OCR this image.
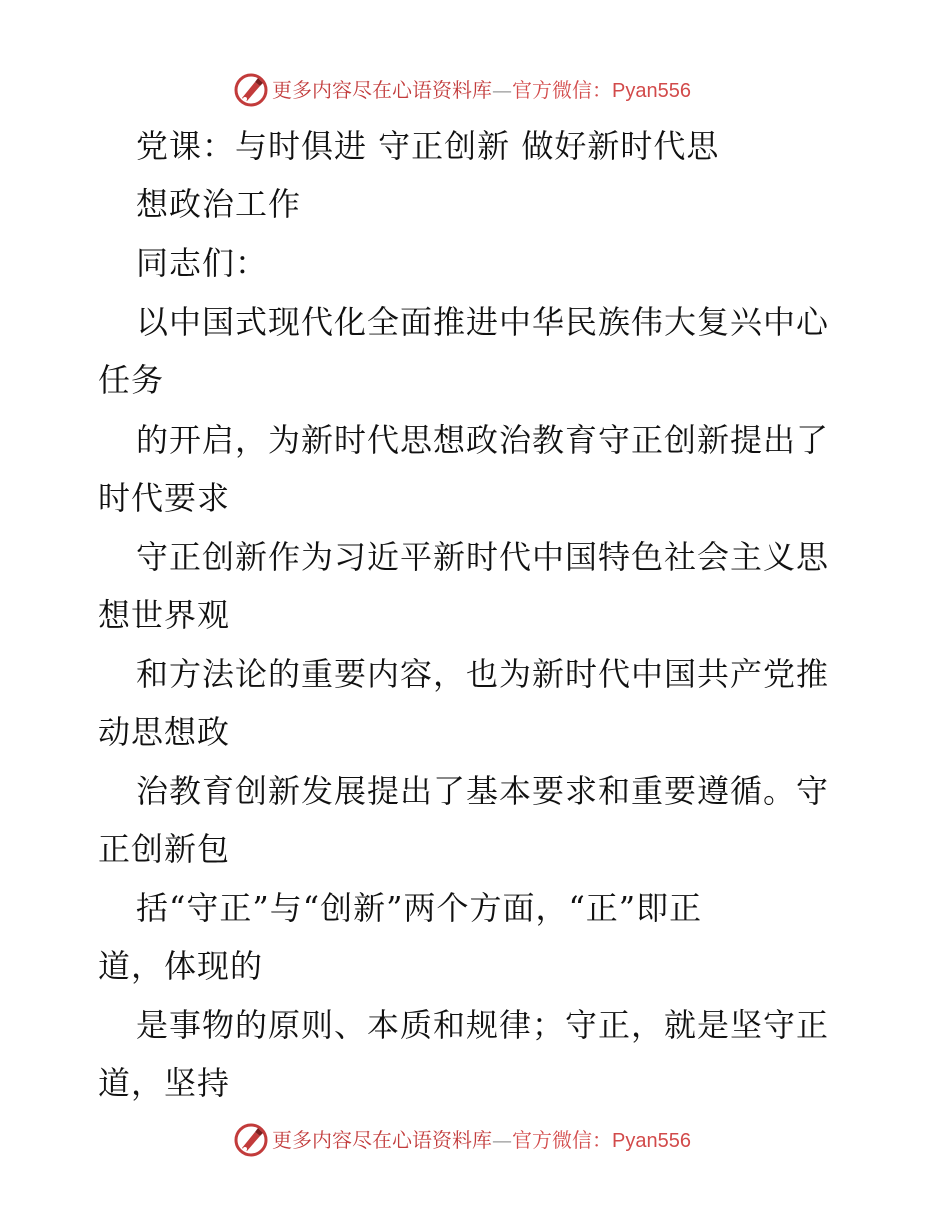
更多内容尽在心语资料库—官方微信：Pyan556
党课：与时俱进 守正创新 做好新时代思
想政治工作
同志们：
以中国式现代化全面推进中华民族伟大复兴中心
任务
的开启，为新时代思想政治教育守正创新提出了
时代要求
守正创新作为习近平新时代中国特色社会主义思
想世界观
和方法论的重要内容，也为新时代中国共产党推
动思想政
治教育创新发展提出了基本要求和重要遵循。守
正创新包
括“守正”与“创新”两个方面，“正”即正
道，体现的
是事物的原则、本质和规律；守正，就是坚守正
道，坚持
更多内容尽在心语资料库—官方微信：Pyan556
